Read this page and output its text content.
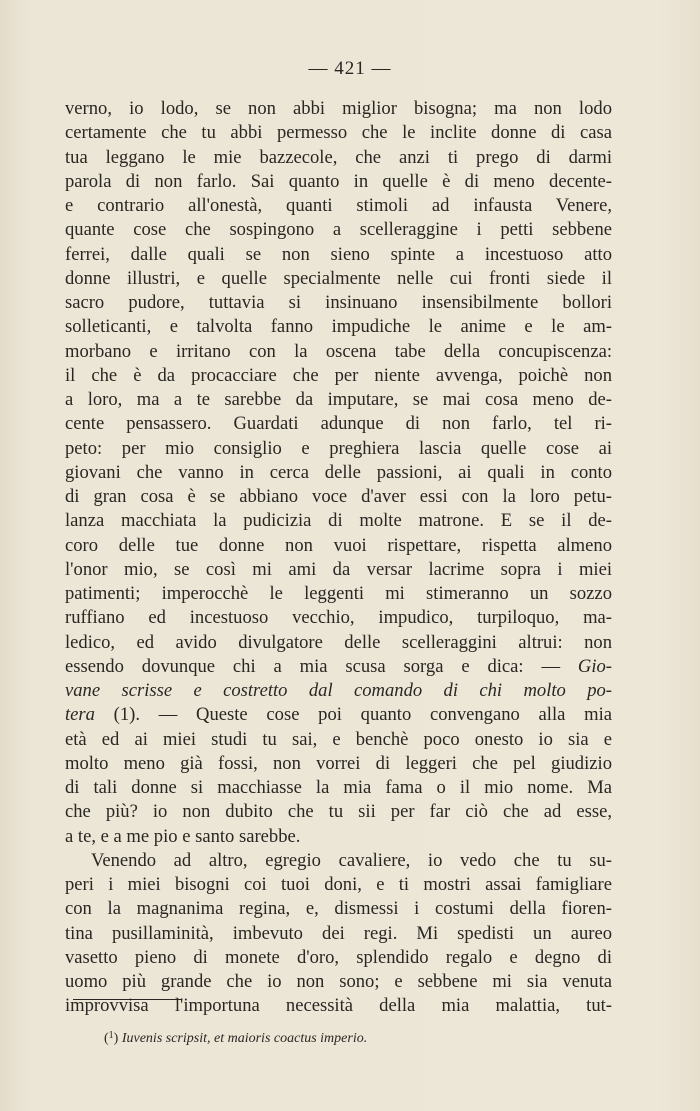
— 421 —
verno, io lodo, se non abbi miglior bisogna; ma non lodo
certamente che tu abbi permesso che le inclite donne di casa
tua leggano le mie bazzecole, che anzi ti prego di darmi
parola di non farlo. Sai quanto in quelle è di meno decente-
e contrario all'onestà, quanti stimoli ad infausta Venere,
quante cose che sospingono a scelleraggine i petti sebbene
ferrei, dalle quali se non sieno spinte a incestuoso atto
donne illustri, e quelle specialmente nelle cui fronti siede il
sacro pudore, tuttavia si insinuano insensibilmente bollori
solleticanti, e talvolta fanno impudiche le anime e le am-
morbano e irritano con la oscena tabe della concupiscenza:
il che è da procacciare che per niente avvenga, poichè non
a loro, ma a te sarebbe da imputare, se mai cosa meno de-
cente pensassero. Guardati adunque di non farlo, tel ri-
peto: per mio consiglio e preghiera lascia quelle cose ai
giovani che vanno in cerca delle passioni, ai quali in conto
di gran cosa è se abbiano voce d'aver essi con la loro petu-
lanza macchiata la pudicizia di molte matrone. E se il de-
coro delle tue donne non vuoi rispettare, rispetta almeno
l'onor mio, se così mi ami da versar lacrime sopra i miei
patimenti; imperocchè le leggenti mi stimeranno un sozzo
ruffiano ed incestuoso vecchio, impudico, turpiloquo, ma-
ledico, ed avido divulgatore delle scelleraggini altrui: non
essendo dovunque chi a mia scusa sorga e dica: — Gio-
vane scrisse e costretto dal comando di chi molto po-
tera (1). — Queste cose poi quanto convengano alla mia
età ed ai miei studi tu sai, e benchè poco onesto io sia e
molto meno già fossi, non vorrei di leggeri che pel giudizio
di tali donne si macchiasse la mia fama o il mio nome. Ma
che più? io non dubito che tu sii per far ciò che ad esse,
a te, e a me pio e santo sarebbe.
Venendo ad altro, egregio cavaliere, io vedo che tu su-
peri i miei bisogni coi tuoi doni, e ti mostri assai famigliare
con la magnanima regina, e, dismessi i costumi della fioren-
tina pusillaminità, imbevuto dei regi. Mi spedisti un aureo
vasetto pieno di monete d'oro, splendido regalo e degno di
uomo più grande che io non sono; e sebbene mi sia venuta
improvvisa l'importuna necessità della mia malattia, tut-
($^1$) Iuvenis scripsit, et maioris coactus imperio.
